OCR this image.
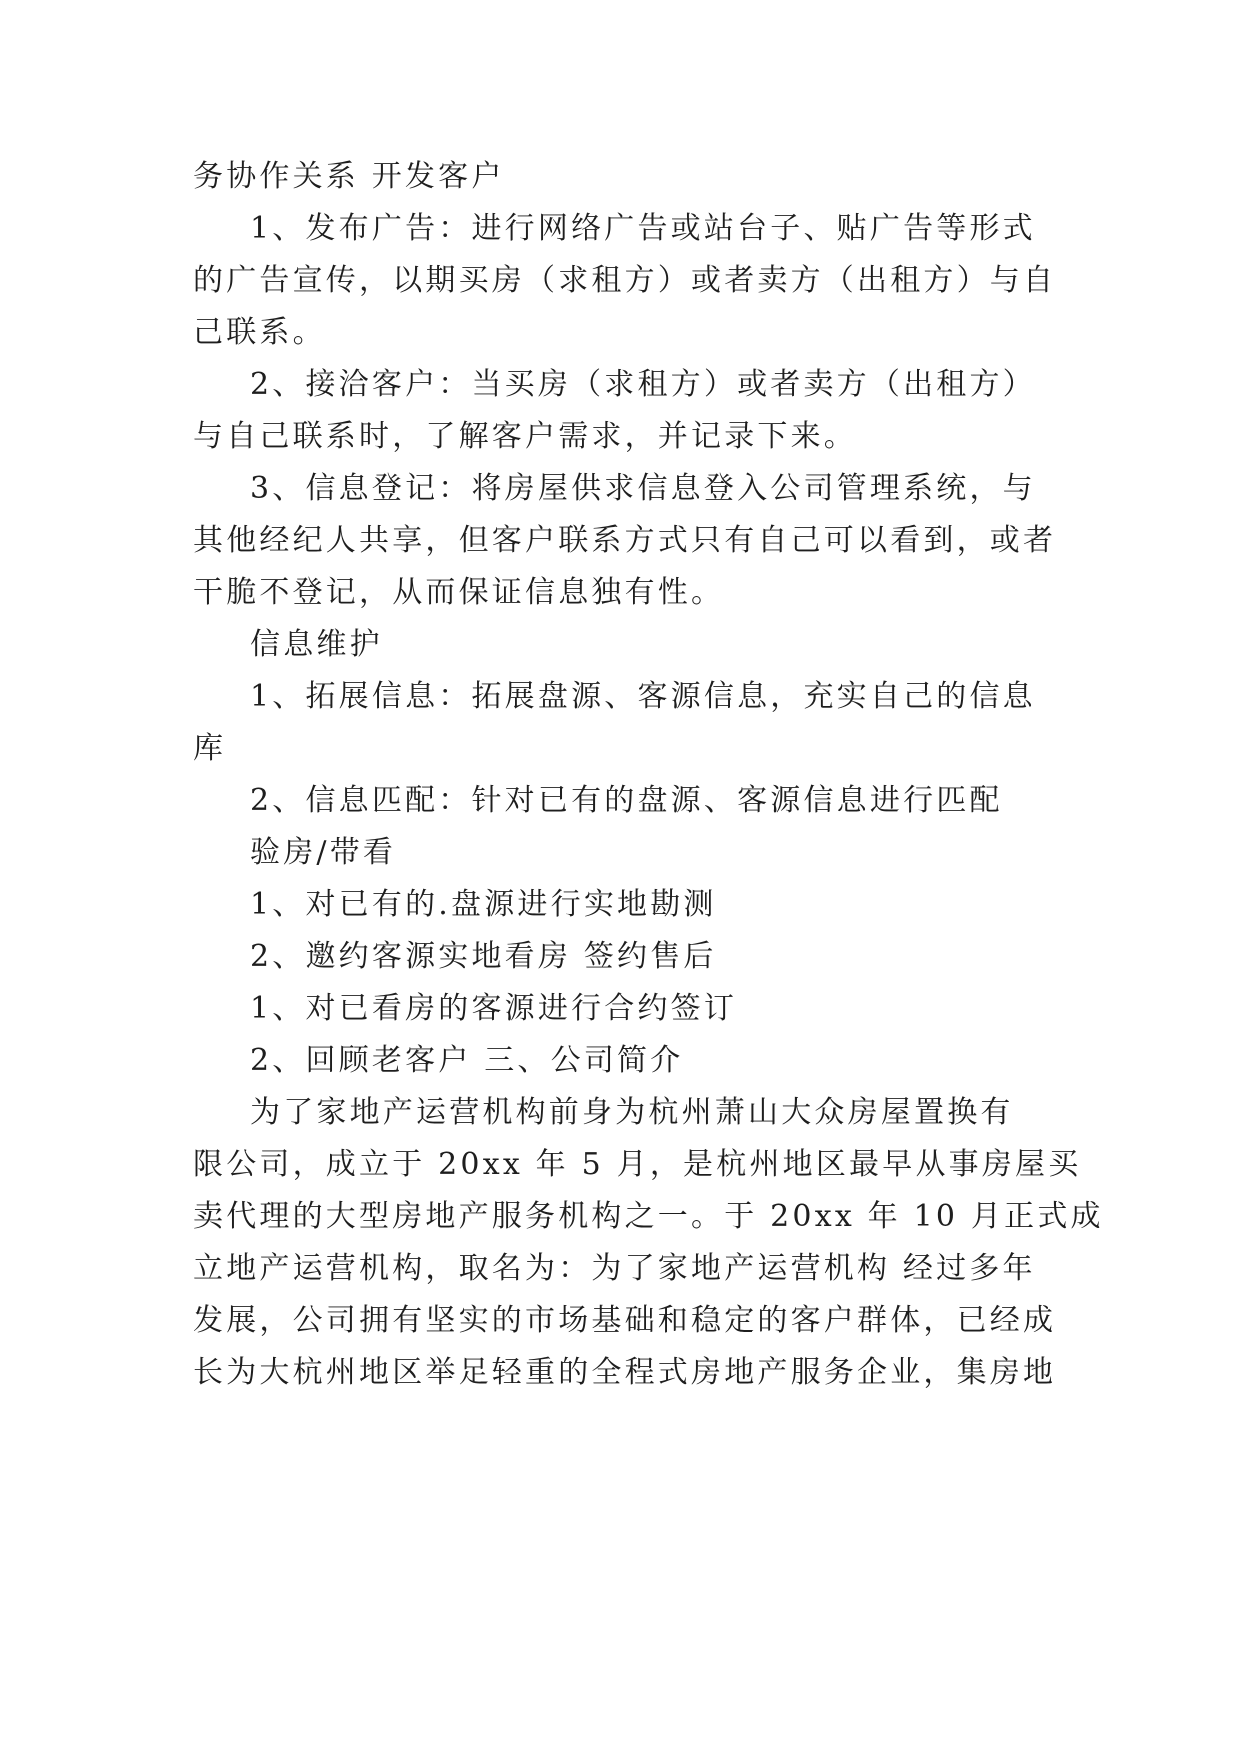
务协作关系 开发客户
1、发布广告：进行网络广告或站台子、贴广告等形式
的广告宣传，以期买房（求租方）或者卖方（出租方）与自
己联系。
2、接洽客户：当买房（求租方）或者卖方（出租方）
与自己联系时，了解客户需求，并记录下来。
3、信息登记：将房屋供求信息登入公司管理系统，与
其他经纪人共享，但客户联系方式只有自己可以看到，或者
干脆不登记，从而保证信息独有性。
信息维护
1、拓展信息：拓展盘源、客源信息，充实自己的信息
库
2、信息匹配：针对已有的盘源、客源信息进行匹配
验房/带看
1、对已有的.盘源进行实地勘测
2、邀约客源实地看房 签约售后
1、对已看房的客源进行合约签订
2、回顾老客户 三、公司简介
为了家地产运营机构前身为杭州萧山大众房屋置换有
限公司，成立于 20xx 年 5 月，是杭州地区最早从事房屋买
卖代理的大型房地产服务机构之一。于 20xx 年 10 月正式成
立地产运营机构，取名为：为了家地产运营机构 经过多年
发展，公司拥有坚实的市场基础和稳定的客户群体，已经成
长为大杭州地区举足轻重的全程式房地产服务企业，集房地
